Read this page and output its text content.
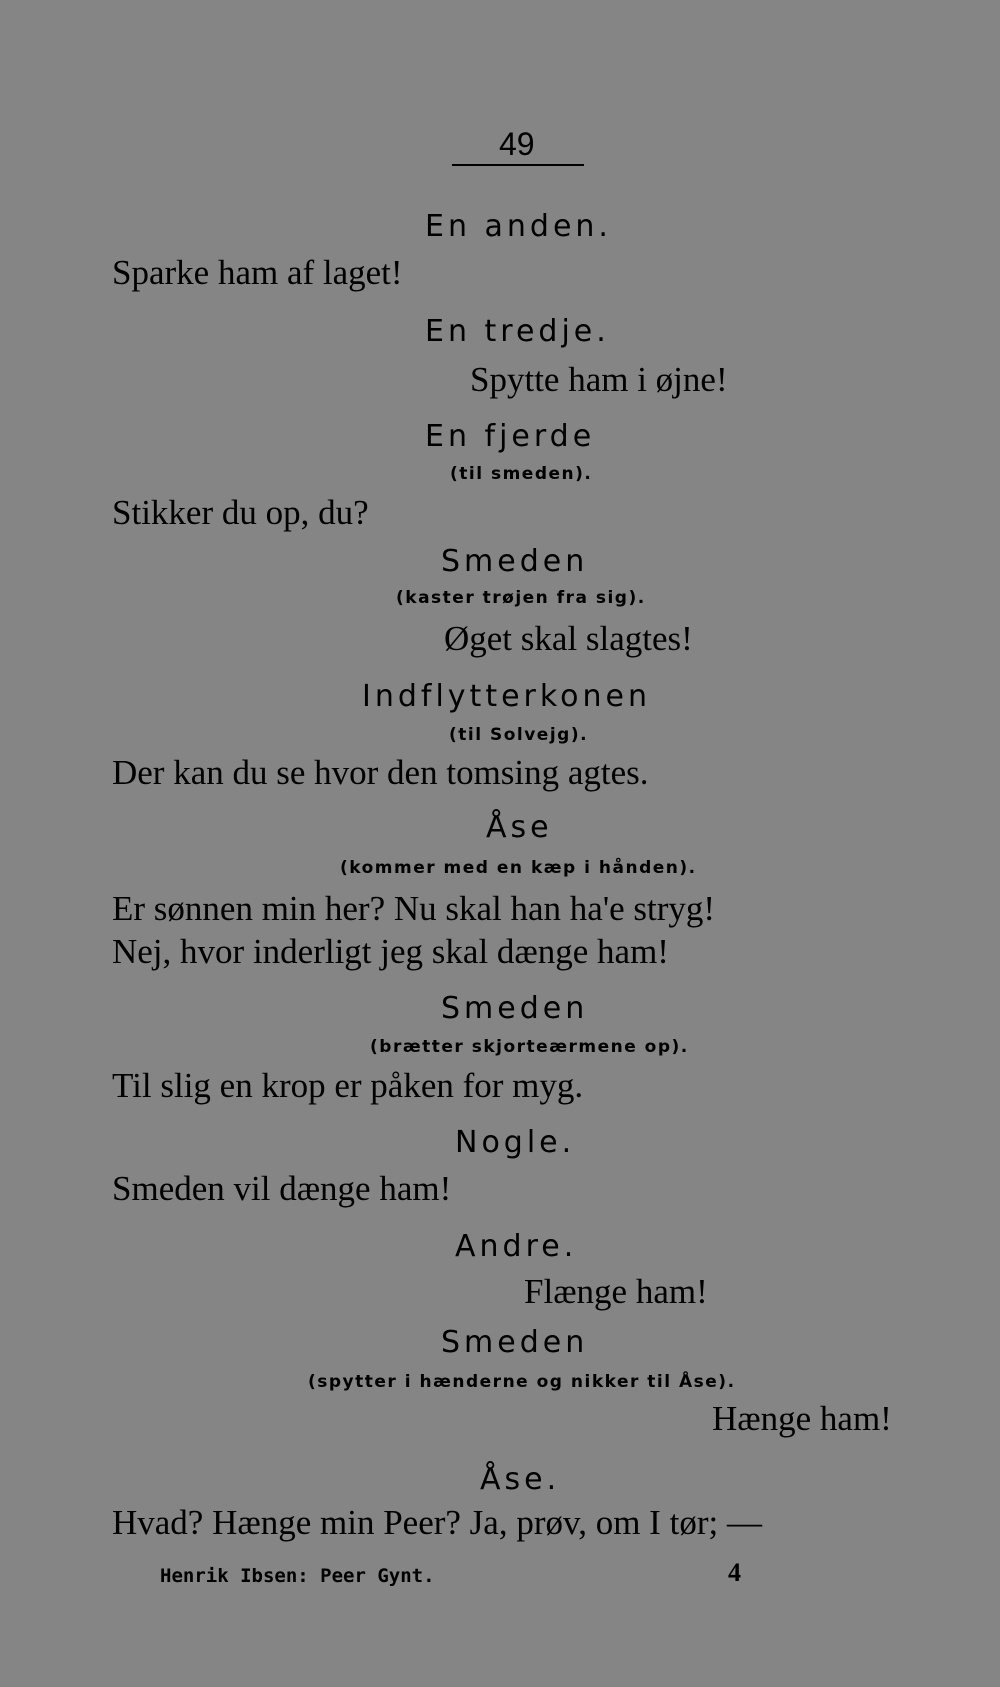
49
En anden.
Sparke ham af laget!
En tredje.
Spytte ham i øjne!
En fjerde
(til smeden).
Stikker du op, du?
Smeden
(kaster trøjen fra sig).
Øget skal slagtes!
Indflytterkonen
(til Solvejg).
Der kan du se hvor den tomsing agtes.
Åse
(kommer med en kæp i hånden).
Er sønnen min her? Nu skal han ha'e stryg!
Nej, hvor inderligt jeg skal dænge ham!
Smeden
(brætter skjorteærmene op).
Til slig en krop er påken for myg.
Nogle.
Smeden vil dænge ham!
Andre.
Flænge ham!
Smeden
(spytter i hænderne og nikker til Åse).
Hænge ham!
Åse.
Hvad? Hænge min Peer? Ja, prøv, om I tør; —
Henrik Ibsen: Peer Gynt.	4
